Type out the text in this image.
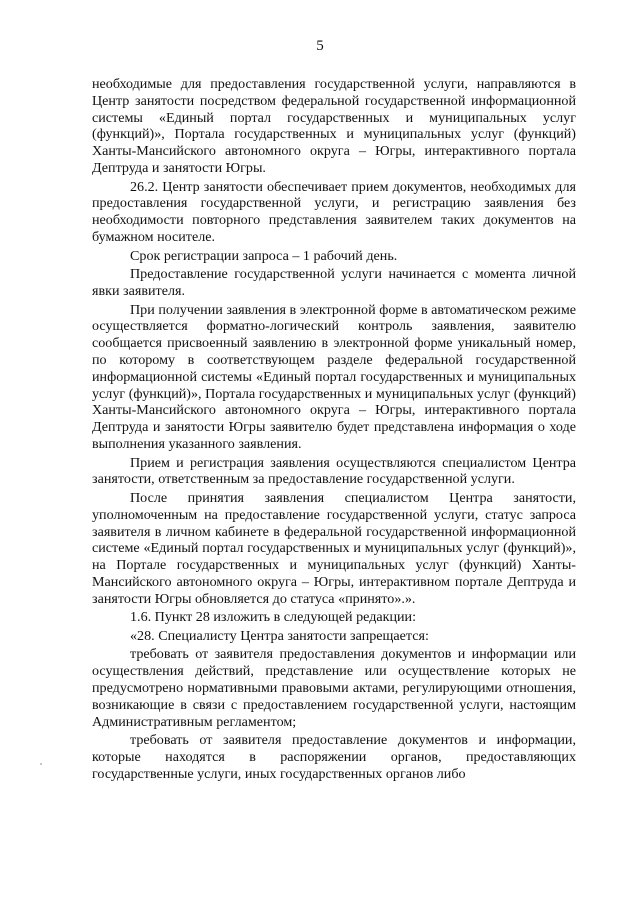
5

необходимые для предоставления государственной услуги, направляются в Центр занятости посредством федеральной государственной информационной системы «Единый портал государственных и муниципальных услуг (функций)», Портала государственных и муниципальных услуг (функций) Ханты-Мансийского автономного округа – Югры, интерактивного портала Дептруда и занятости Югры.

26.2. Центр занятости обеспечивает прием документов, необходимых для предоставления государственной услуги, и регистрацию заявления без необходимости повторного представления заявителем таких документов на бумажном носителе.

Срок регистрации запроса – 1 рабочий день.

Предоставление государственной услуги начинается с момента личной явки заявителя.

При получении заявления в электронной форме в автоматическом режиме осуществляется форматно-логический контроль заявления, заявителю сообщается присвоенный заявлению в электронной форме уникальный номер, по которому в соответствующем разделе федеральной государственной информационной системы «Единый портал государственных и муниципальных услуг (функций)», Портала государственных и муниципальных услуг (функций) Ханты-Мансийского автономного округа – Югры, интерактивного портала Дептруда и занятости Югры заявителю будет представлена информация о ходе выполнения указанного заявления.

Прием и регистрация заявления осуществляются специалистом Центра занятости, ответственным за предоставление государственной услуги.

После принятия заявления специалистом Центра занятости, уполномоченным на предоставление государственной услуги, статус запроса заявителя в личном кабинете в федеральной государственной информационной системе «Единый портал государственных и муниципальных услуг (функций)», на Портале государственных и муниципальных услуг (функций) Ханты-Мансийского автономного округа – Югры, интерактивном портале Дептруда и занятости Югры обновляется до статуса «принято».».

1.6. Пункт 28 изложить в следующей редакции:

«28. Специалисту Центра занятости запрещается:

требовать от заявителя предоставления документов и информации или осуществления действий, представление или осуществление которых не предусмотрено нормативными правовыми актами, регулирующими отношения, возникающие в связи с предоставлением государственной услуги, настоящим Административным регламентом;

требовать от заявителя предоставление документов и информации, которые находятся в распоряжении органов, предоставляющих государственные услуги, иных государственных органов либо
